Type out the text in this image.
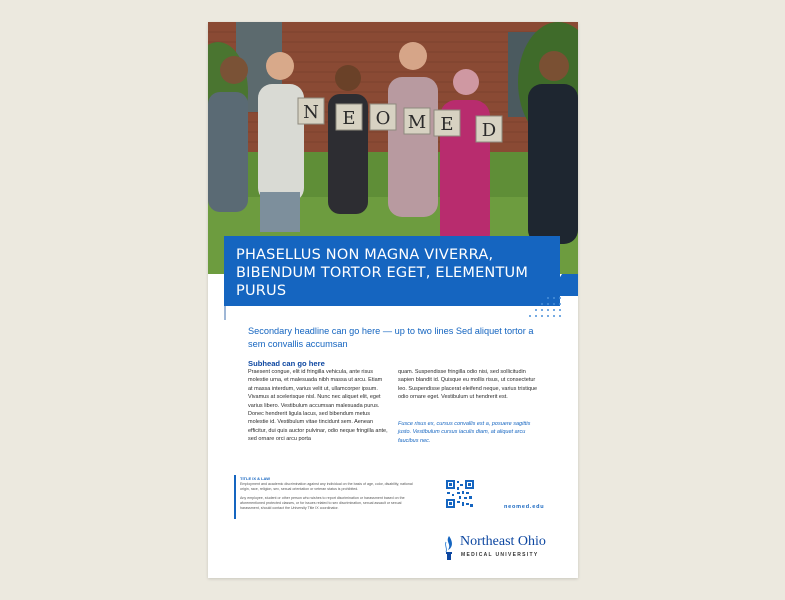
N E O M E D
PHASELLUS NON MAGNA VIVERRA, BIBENDUM TORTOR EGET, ELEMENTUM PURUS
Secondary headline can go here — up to two lines Sed aliquet tortor a sem convallis accumsan
Subhead can go here
Praesent congue, elit id fringilla vehicula, ante risus molestie urna, et malesuada nibh massa ut arcu. Etiam at massa interdum, varius velit ut, ullamcorper ipsum. Vivamus at scelerisque nisl. Nunc nec aliquet elit, eget varius libero. Vestibulum accumsan malesuada purus. Donec hendrerit ligula lacus, sed bibendum metus molestie id. Vestibulum vitae tincidunt sem. Aenean efficitur, dui quis auctor pulvinar, odio neque fringilla ante, sed ornare orci arcu porta
quam. Suspendisse fringilla odio nisi, sed sollicitudin sapien blandit id. Quisque eu mollis risus, ut consectetur leo. Suspendisse placerat eleifend neque, varius tristique odio ornare eget. Vestibulum ut hendrerit est.
Fusce risus ex, cursus convallis est a, posuere sagittis justo. Vestibulum cursus iaculis diam, at aliquet arcu faucibus nec.
TITLE IX & LAW
Employment and academic discrimination against any individual on the basis of age, color, disability, national origin, race, religion, sex, sexual orientation or veteran status is prohibited.
Any employee, student or other person who wishes to report discrimination or harassment based on the aforementioned protected classes, or for issues related to sex discrimination, sexual assault or sexual harassment, should contact the University Title IX coordinator.	neomed.edu
Northeast Ohio
MEDICAL UNIVERSITY
